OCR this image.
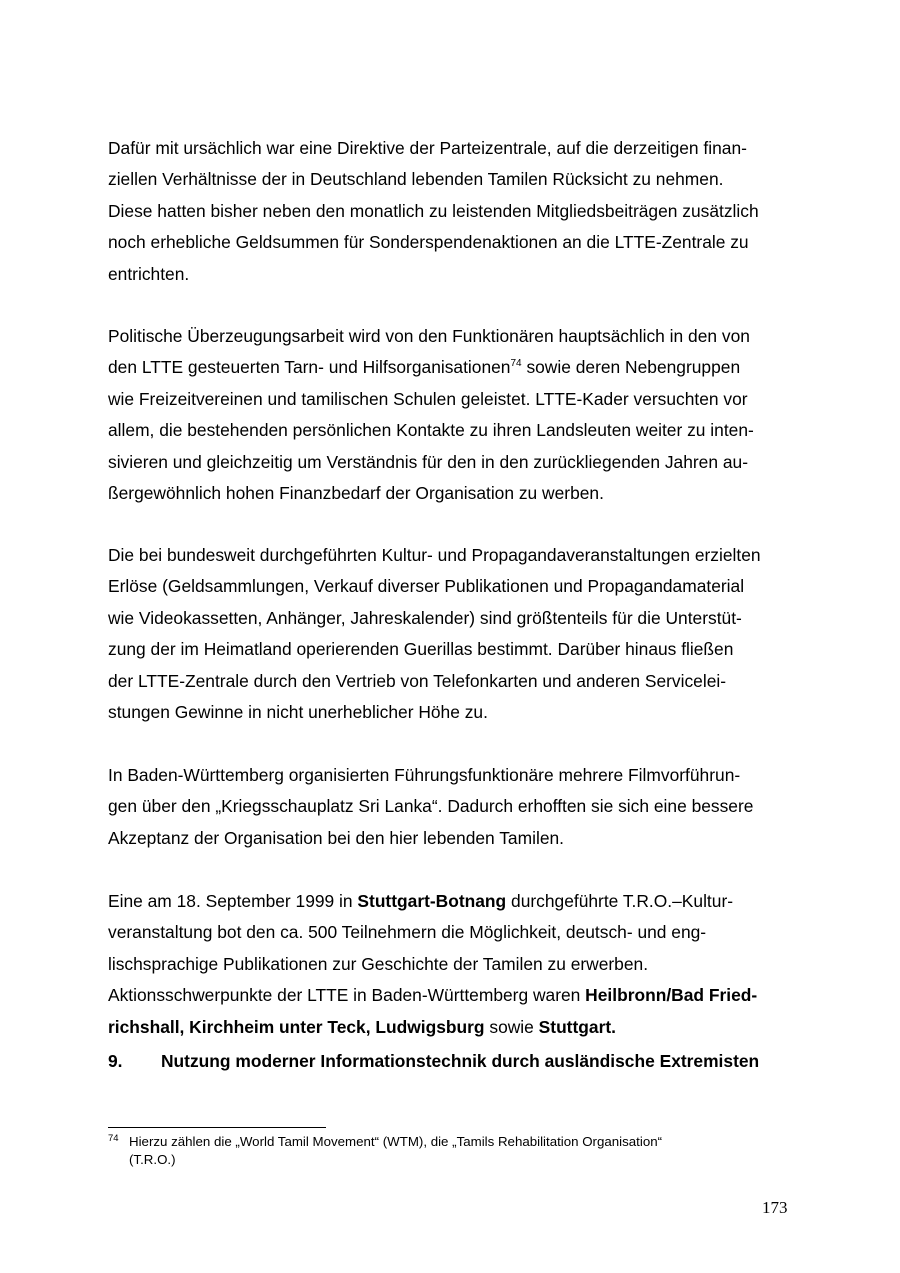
Dafür mit ursächlich war eine Direktive der Parteizentrale, auf die derzeitigen finan-
ziellen Verhältnisse der in Deutschland lebenden Tamilen Rücksicht zu nehmen.
Diese hatten bisher neben den monatlich zu leistenden Mitgliedsbeiträgen zusätzlich
noch erhebliche Geldsummen für Sonderspendenaktionen an die LTTE-Zentrale zu
entrichten.
Politische Überzeugungsarbeit wird von den Funktionären hauptsächlich in den von
den LTTE gesteuerten Tarn- und Hilfsorganisationen$^{74}$ sowie deren Nebengruppen
wie Freizeitvereinen und tamilischen Schulen geleistet. LTTE-Kader versuchten vor
allem, die bestehenden persönlichen Kontakte zu ihren Landsleuten weiter zu inten-
sivieren und gleichzeitig um Verständnis für den in den zurückliegenden Jahren au-
ßergewöhnlich hohen Finanzbedarf der Organisation zu werben.
Die bei bundesweit durchgeführten Kultur- und Propagandaveranstaltungen erzielten
Erlöse (Geldsammlungen, Verkauf diverser Publikationen und Propagandamaterial
wie Videokassetten, Anhänger, Jahreskalender) sind größtenteils für die Unterstüt-
zung der im Heimatland operierenden Guerillas bestimmt. Darüber hinaus fließen
der LTTE-Zentrale durch den Vertrieb von Telefonkarten und anderen Servicelei-
stungen Gewinne in nicht unerheblicher Höhe zu.
In Baden-Württemberg organisierten Führungsfunktionäre mehrere Filmvorführun-
gen über den „Kriegsschauplatz Sri Lanka“. Dadurch erhofften sie sich eine bessere
Akzeptanz der Organisation bei den hier lebenden Tamilen.
Eine am 18. September 1999 in Stuttgart-Botnang durchgeführte T.R.O.–Kultur-
veranstaltung bot den ca. 500 Teilnehmern die Möglichkeit, deutsch- und eng-
lischsprachige Publikationen zur Geschichte der Tamilen zu erwerben.
Aktionsschwerpunkte der LTTE in Baden-Württemberg waren Heilbronn/Bad Fried-
richshall, Kirchheim unter Teck, Ludwigsburg sowie Stuttgart.
9. Nutzung moderner Informationstechnik durch ausländische Extremisten
74 Hierzu zählen die „World Tamil Movement“ (WTM), die „Tamils Rehabilitation Organisation“
(T.R.O.)
173
